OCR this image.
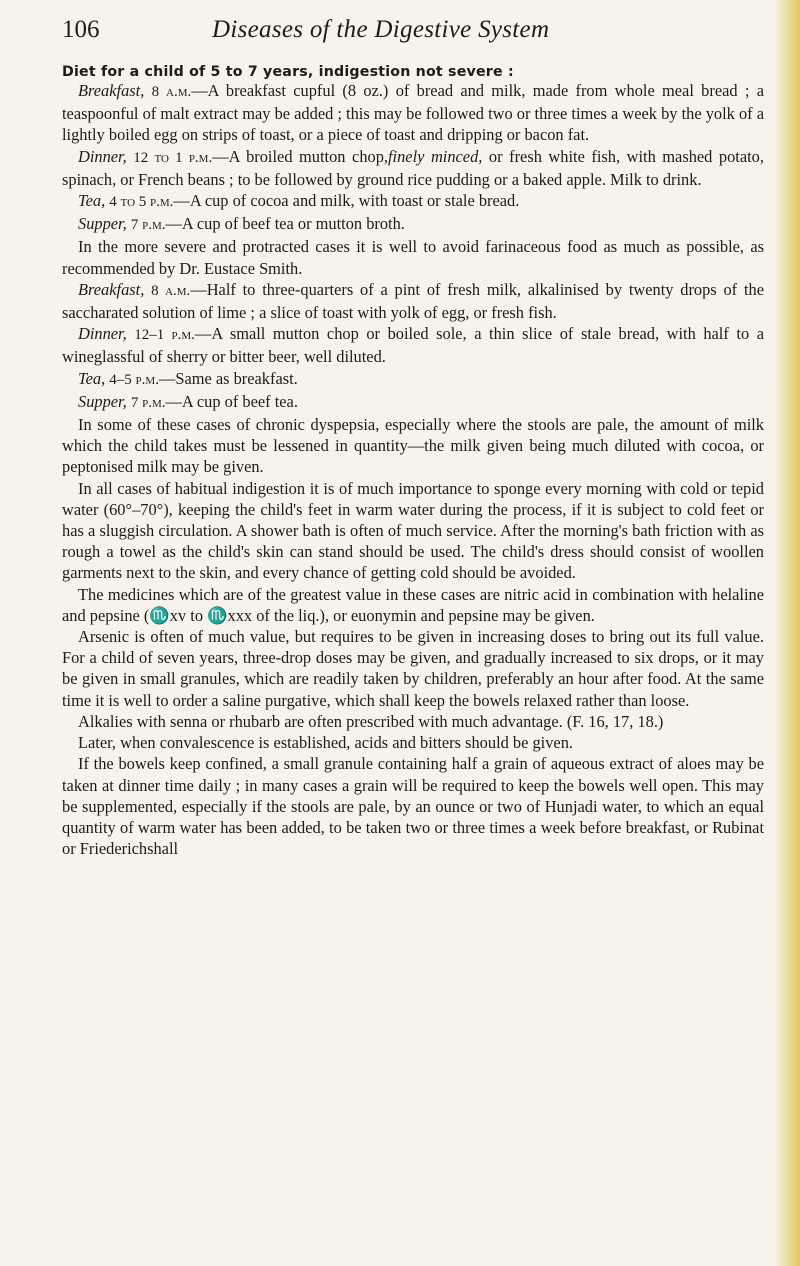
106	Diseases of the Digestive System
Diet for a child of 5 to 7 years, indigestion not severe :

Breakfast, 8 a.m.—A breakfast cupful (8 oz.) of bread and milk, made from whole meal bread ; a teaspoonful of malt extract may be added ; this may be followed two or three times a week by the yolk of a lightly boiled egg on strips of toast, or a piece of toast and dripping or bacon fat.

Dinner, 12 to 1 p.m.—A broiled mutton chop,finely minced, or fresh white fish, with mashed potato, spinach, or French beans ; to be followed by ground rice pudding or a baked apple. Milk to drink.

Tea, 4 to 5 p.m.—A cup of cocoa and milk, with toast or stale bread.

Supper, 7 p.m.—A cup of beef tea or mutton broth.

In the more severe and protracted cases it is well to avoid farinaceous food as much as possible, as recommended by Dr. Eustace Smith.

Breakfast, 8 a.m.—Half to three-quarters of a pint of fresh milk, alkalinised by twenty drops of the saccharated solution of lime ; a slice of toast with yolk of egg, or fresh fish.

Dinner, 12–1 p.m.—A small mutton chop or boiled sole, a thin slice of stale bread, with half to a wineglassful of sherry or bitter beer, well diluted.

Tea, 4–5 p.m.—Same as breakfast.

Supper, 7 p.m.—A cup of beef tea.

In some of these cases of chronic dyspepsia, especially where the stools are pale, the amount of milk which the child takes must be lessened in quantity—the milk given being much diluted with cocoa, or peptonised milk may be given.

In all cases of habitual indigestion it is of much importance to sponge every morning with cold or tepid water (60°–70°), keeping the child's feet in warm water during the process, if it is subject to cold feet or has a sluggish circulation. A shower bath is often of much service. After the morning's bath friction with as rough a towel as the child's skin can stand should be used. The child's dress should consist of woollen garments next to the skin, and every chance of getting cold should be avoided.

The medicines which are of the greatest value in these cases are nitric acid in combination with helaline and pepsine (♏xv to ♏xxx of the liq.), or euonymin and pepsine may be given.

Arsenic is often of much value, but requires to be given in increasing doses to bring out its full value. For a child of seven years, three-drop doses may be given, and gradually increased to six drops, or it may be given in small granules, which are readily taken by children, preferably an hour after food. At the same time it is well to order a saline purgative, which shall keep the bowels relaxed rather than loose.

Alkalies with senna or rhubarb are often prescribed with much advantage. (F. 16, 17, 18.)

Later, when convalescence is established, acids and bitters should be given.

If the bowels keep confined, a small granule containing half a grain of aqueous extract of aloes may be taken at dinner time daily ; in many cases a grain will be required to keep the bowels well open. This may be supplemented, especially if the stools are pale, by an ounce or two of Hunjadi water, to which an equal quantity of warm water has been added, to be taken two or three times a week before breakfast, or Rubinat or Friederichshall
